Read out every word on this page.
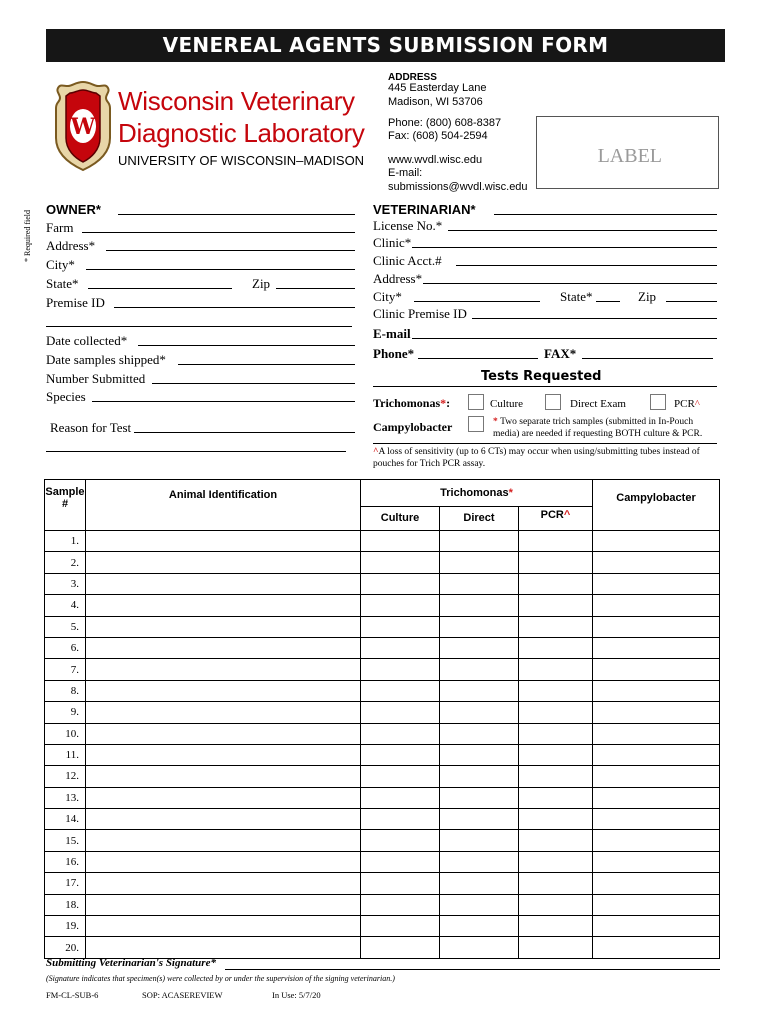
VENEREAL AGENTS SUBMISSION FORM
W
Wisconsin Veterinary
Diagnostic Laboratory
UNIVERSITY OF WISCONSIN–MADISON
ADDRESS
445 Easterday Lane
Madison, WI 53706
Phone: (800) 608-8387
Fax: (608) 504-2594
www.wvdl.wisc.edu
E-mail:
submissions@wvdl.wisc.edu
LABEL
* Required field
OWNER*
Farm
Address*
City*
State*	Zip
Premise ID
Date collected*
Date samples shipped*
Number Submitted
Species
Reason for Test
VETERINARIAN*
License No.*
Clinic*
Clinic Acct.#
Address*
City*	State*	Zip
Clinic Premise ID
E-mail
Phone*	FAX*
Tests Requested
Trichomonas*:	Culture	Direct Exam	PCR^
Campylobacter	* Two separate trich samples (submitted in In-Pouch media) are needed if requesting BOTH culture & PCR.
^A loss of sensitivity (up to 6 CTs) may occur when using/submitting tubes instead of pouches for Trich PCR assay.
Sample #	Animal Identification	Trichomonas*			Campylobacter
		Culture	Direct	PCR^	
1.					
2.					
3.					
4.					
5.					
6.					
7.					
8.					
9.					
10.					
11.					
12.					
13.					
14.					
15.					
16.					
17.					
18.					
19.					
20.					
Submitting Veterinarian's Signature*
(Signature indicates that specimen(s) were collected by or under the supervision of the signing veterinarian.)
FM-CL-SUB-6	SOP: ACASEREVIEW	In Use: 5/7/20
